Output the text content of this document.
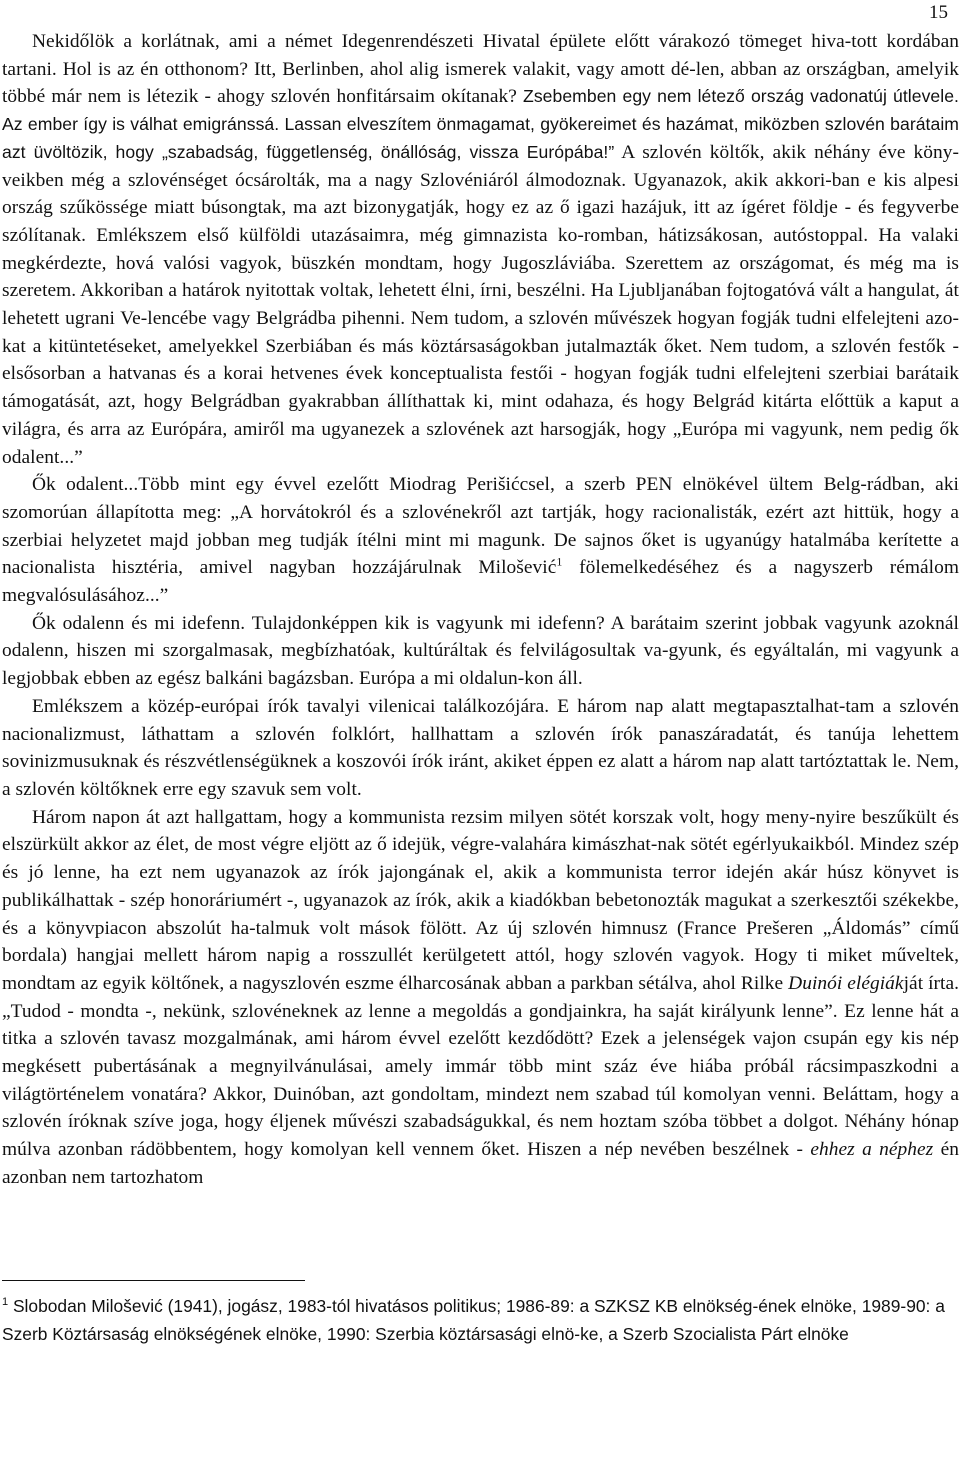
15

Nekidőlök a korlátnak, ami a német Idegenrendészeti Hivatal épülete előtt várakozó tömeget hiva-tott kordában tartani. Hol is az én otthonom? Itt, Berlinben, ahol alig ismerek valakit, vagy amott dé-len, abban az országban, amelyik többé már nem is létezik - ahogy szlovén honfitársaim okítanak? Zsebemben egy nem létező ország vadonatúj útlevele. Az ember így is válhat emigránssá. Lassan elveszítem önmagamat, gyökereimet és hazámat, miközben szlovén barátaim azt üvöltözik, hogy „szabadság, függetlenség, önállóság, vissza Európába!” A szlovén költők, akik néhány éve köny-veikben még a szlovénséget ócsárolták, ma a nagy Szlovéniáról álmodoznak. Ugyanazok, akik akkori-ban e kis alpesi ország szűkössége miatt búsongtak, ma azt bizonygatják, hogy ez az ő igazi hazájuk, itt az ígéret földje - és fegyverbe szólítanak. Emlékszem első külföldi utazásaimra, még gimnazista ko-romban, hátizsákosan, autóstoppal. Ha valaki megkérdezte, hová valósi vagyok, büszkén mondtam, hogy Jugoszláviába. Szerettem az országomat, és még ma is szeretem. Akkoriban a határok nyitottak voltak, lehetett élni, írni, beszélni. Ha Ljubljanában fojtogatóvá vált a hangulat, át lehetett ugrani Ve-lencébe vagy Belgrádba pihenni. Nem tudom, a szlovén művészek hogyan fogják tudni elfelejteni azo-kat a kitüntetéseket, amelyekkel Szerbiában és más köztársaságokban jutalmazták őket. Nem tudom, a szlovén festők - elsősorban a hatvanas és a korai hetvenes évek konceptualista festői - hogyan fogják tudni elfelejteni szerbiai barátaik támogatását, azt, hogy Belgrádban gyakrabban állíthattak ki, mint odahaza, és hogy Belgrád kitárta előttük a kaput a világra, és arra az Európára, amiről ma ugyanezek a szlovének azt harsogják, hogy „Európa mi vagyunk, nem pedig ők odalent...”

Ők odalent...Több mint egy évvel ezelőtt Miodrag Perišićcsel, a szerb PEN elnökével ültem Belg-rádban, aki szomorúan állapította meg: „A horvátokról és a szlovénekről azt tartják, hogy racionalisták, ezért azt hittük, hogy a szerbiai helyzetet majd jobban meg tudják ítélni mint mi magunk. De sajnos őket is ugyanúgy hatalmába kerítette a nacionalista hisztéria, amivel nagyban hozzájárulnak Milošević$^1$ fölemelkedéséhez és a nagyszerb rémálom megvalósulásához...”

Ők odalenn és mi idefenn. Tulajdonképpen kik is vagyunk mi idefenn? A barátaim szerint jobbak vagyunk azoknál odalenn, hiszen mi szorgalmasak, megbízhatóak, kultúráltak és felvilágosultak va-gyunk, és egyáltalán, mi vagyunk a legjobbak ebben az egész balkáni bagázsban. Európa a mi oldalun-kon áll.

Emlékszem a közép-európai írók tavalyi vilenicai találkozójára. E három nap alatt megtapasztalhat-tam a szlovén nacionalizmust, láthattam a szlovén folklórt, hallhattam a szlovén írók panaszáradatát, és tanúja lehettem sovinizmusuknak és részvétlenségüknek a koszovói írók iránt, akiket éppen ez alatt a három nap alatt tartóztattak le. Nem, a szlovén költőknek erre egy szavuk sem volt.

Három napon át azt hallgattam, hogy a kommunista rezsim milyen sötét korszak volt, hogy meny-nyire beszűkült és elszürkült akkor az élet, de most végre eljött az ő idejük, végre-valahára kimászhat-nak sötét egérlyukaikból. Mindez szép és jó lenne, ha ezt nem ugyanazok az írók jajongának el, akik a kommunista terror idején akár húsz könyvet is publikálhattak - szép honoráriumért -, ugyanazok az írók, akik a kiadókban bebetonozták magukat a szerkesztői székekbe, és a könyvpiacon abszolút ha-talmuk volt mások fölött. Az új szlovén himnusz (France Prešeren „Áldomás” című bordala) hangjai mellett három napig a rosszullét kerülgetett attól, hogy szlovén vagyok. Hogy ti miket műveltek, mondtam az egyik költőnek, a nagyszlovén eszme élharcosának abban a parkban sétálva, ahol Rilke Duinói elégiákját írta. „Tudod - mondta -, nekünk, szlovéneknek az lenne a megoldás a gondjainkra, ha saját királyunk lenne”. Ez lenne hát a titka a szlovén tavasz mozgalmának, ami három évvel ezelőtt kezdődött? Ezek a jelenségek vajon csupán egy kis nép megkésett pubertásának a megnyilvánulásai, amely immár több mint száz éve hiába próbál rácsimpaszkodni a világtörténelem vonatára? Akkor, Duinóban, azt gondoltam, mindezt nem szabad túl komolyan venni. Beláttam, hogy a szlovén íróknak szíve joga, hogy éljenek művészi szabadságukkal, és nem hoztam szóba többet a dolgot. Néhány hónap múlva azonban rádöbbentem, hogy komolyan kell vennem őket. Hiszen a nép nevében beszélnek - ehhez a néphez én azonban nem tartozhatom

$^1$ Slobodan Milošević (1941), jogász, 1983-tól hivatásos politikus; 1986-89: a SZKSZ KB elnökség-ének elnöke, 1989-90: a Szerb Köztársaság elnökségének elnöke, 1990: Szerbia köztársasági elnö-ke, a Szerb Szocialista Párt elnöke
